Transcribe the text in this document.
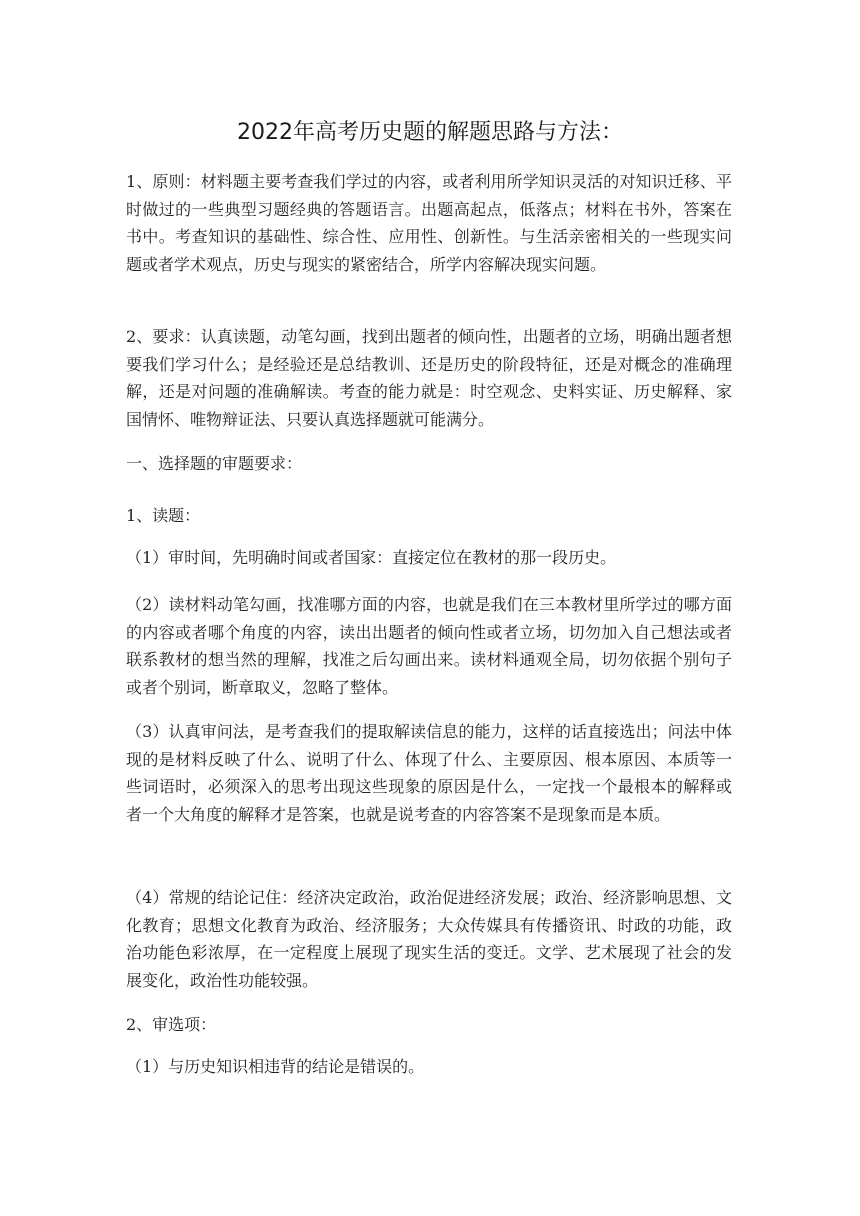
2022年高考历史题的解题思路与方法：

1、原则：材料题主要考查我们学过的内容，或者利用所学知识灵活的对知识迁移、平时做过的一些典型习题经典的答题语言。出题高起点，低落点；材料在书外，答案在书中。考查知识的基础性、综合性、应用性、创新性。与生活亲密相关的一些现实问题或者学术观点，历史与现实的紧密结合，所学内容解决现实问题。

2、要求：认真读题，动笔勾画，找到出题者的倾向性，出题者的立场，明确出题者想要我们学习什么；是经验还是总结教训、还是历史的阶段特征，还是对概念的准确理解，还是对问题的准确解读。考查的能力就是：时空观念、史料实证、历史解释、家国情怀、唯物辩证法、只要认真选择题就可能满分。

一、选择题的审题要求：

1、读题：

（1）审时间，先明确时间或者国家：直接定位在教材的那一段历史。

（2）读材料动笔勾画，找准哪方面的内容，也就是我们在三本教材里所学过的哪方面的内容或者哪个角度的内容，读出出题者的倾向性或者立场，切勿加入自己想法或者联系教材的想当然的理解，找准之后勾画出来。读材料通观全局，切勿依据个别句子或者个别词，断章取义，忽略了整体。

（3）认真审问法，是考查我们的提取解读信息的能力，这样的话直接选出；问法中体现的是材料反映了什么、说明了什么、体现了什么、主要原因、根本原因、本质等一些词语时，必须深入的思考出现这些现象的原因是什么，一定找一个最根本的解释或者一个大角度的解释才是答案，也就是说考查的内容答案不是现象而是本质。

（4）常规的结论记住：经济决定政治，政治促进经济发展；政治、经济影响思想、文化教育；思想文化教育为政治、经济服务；大众传媒具有传播资讯、时政的功能，政治功能色彩浓厚，在一定程度上展现了现实生活的变迁。文学、艺术展现了社会的发展变化，政治性功能较强。

2、审选项：

（1）与历史知识相违背的结论是错误的。
